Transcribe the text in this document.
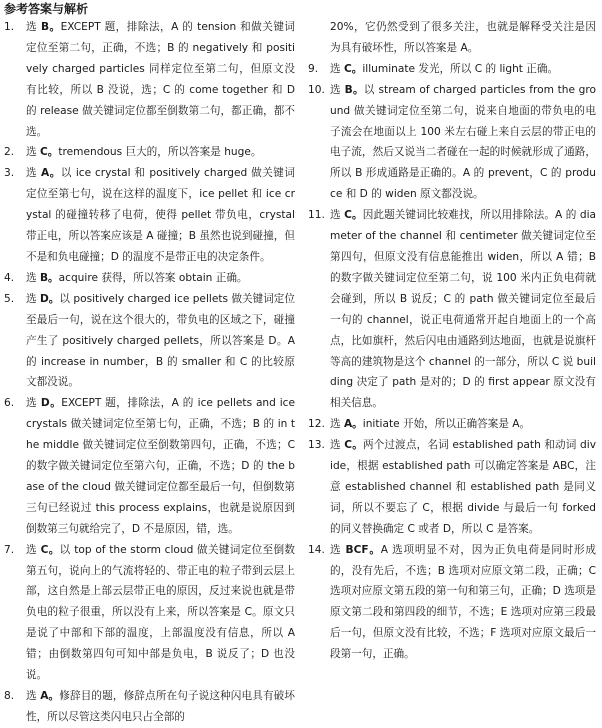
参考答案与解析
1.	选 B。EXCEPT 题，排除法，A 的 tension 和做关键词定位至第二句，正确，不选；B 的 negatively 和 positively charged particles 同样定位至第二句，但原文没有比较，所以 B 没说，选；C 的 come together 和 D 的 release 做关键词定位都至倒数第二句，都正确，都不选。
2.	选 C。tremendous 巨大的，所以答案是 huge。
3.	选 A。以 ice crystal 和 positively charged 做关键词定位至第七句，说在这样的温度下，ice pellet 和 ice crystal 的碰撞转移了电荷，使得 pellet 带负电，crystal 带正电，所以答案应该是 A 碰撞；B 虽然也说到碰撞，但不是和负电碰撞；D 的温度不是带正电的决定条件。
4.	选 B。acquire 获得，所以答案 obtain 正确。
5.	选 D。以 positively charged ice pellets 做关键词定位至最后一句，说在这个很大的，带负电的区域之下，碰撞产生了 positively charged pellets，所以答案是 D。A 的 increase in number，B 的 smaller 和 C 的比较原文都没说。
6.	选 D。EXCEPT 题，排除法，A 的 ice pellets and ice crystals 做关键词定位至第七句，正确，不选；B 的 in the middle 做关键词定位至倒数第四句，正确，不选；C 的数字做关键词定位至第六句，正确，不选；D 的 the base of the cloud 做关键词定位都至最后一句，但倒数第三句已经说过 this process explains，也就是说原因到倒数第三句就给完了，D 不是原因，错，选。
7.	选 C。以 top of the storm cloud 做关键词定位至倒数第五句，说向上的气流将轻的、带正电的粒子带到云层上部，这自然是上部云层带正电的原因，反过来说也就是带负电的粒子很重，所以没有上来，所以答案是 C。原文只是说了中部和下部的温度，上部温度没有信息，所以 A 错；由倒数第四句可知中部是负电，B 说反了；D 也没说。
8.	选 A。修辞目的题，修辞点所在句子说这种闪电具有破坏性，所以尽管这类闪电只占全部的
20%，它仍然受到了很多关注，也就是解释受关注是因为具有破坏性，所以答案是 A。
9.	选 C。illuminate 发光，所以 C 的 light 正确。
10. 选 B。以 stream of charged particles from the ground 做关键词定位至第二句，说来自地面的带负电的电子流会在地面以上 100 米左右碰上来自云层的带正电的电子流，然后又说当二者碰在一起的时候就形成了通路，所以 B 形成通路是正确的。A 的 prevent，C 的 produce 和 D 的 widen 原文都没说。
11. 选 C。因此题关键词比较难找，所以用排除法。A 的 diameter of the channel 和 centimeter 做关键词定位至第四句，但原文没有信息能推出 widen，所以 A 错；B 的数字做关键词定位至第二句，说 100 米内正负电荷就会碰到，所以 B 说反；C 的 path 做关键词定位至最后一句的 channel，说正电荷通常开起自地面上的一个高点，比如旗杆，然后闪电由通路到达地面，也就是说旗杆等高的建筑物是这个 channel 的一部分，所以 C 说 building 决定了 path 是对的；D 的 first appear 原文没有相关信息。
12. 选 A。initiate 开始，所以正确答案是 A。
13. 选 C。两个过渡点，名词 established path 和动词 divide，根据 established path 可以确定答案是 ABC，注意 established channel 和 established path 是同义词，所以不要忘了 C，根据 divide 与最后一句 forked 的同义替换确定 C 或者 D，所以 C 是答案。
14. 选 BCF。A 选项明显不对，因为正负电荷是同时形成的，没有先后，不选；B 选项对应原文第二段，正确；C 选项对应原文第五段的第一句和第三句，正确；D 选项是原文第二段和第四段的细节，不选；E 选项对应第三段最后一句，但原文没有比较，不选；F 选项对应原文最后一段第一句，正确。
